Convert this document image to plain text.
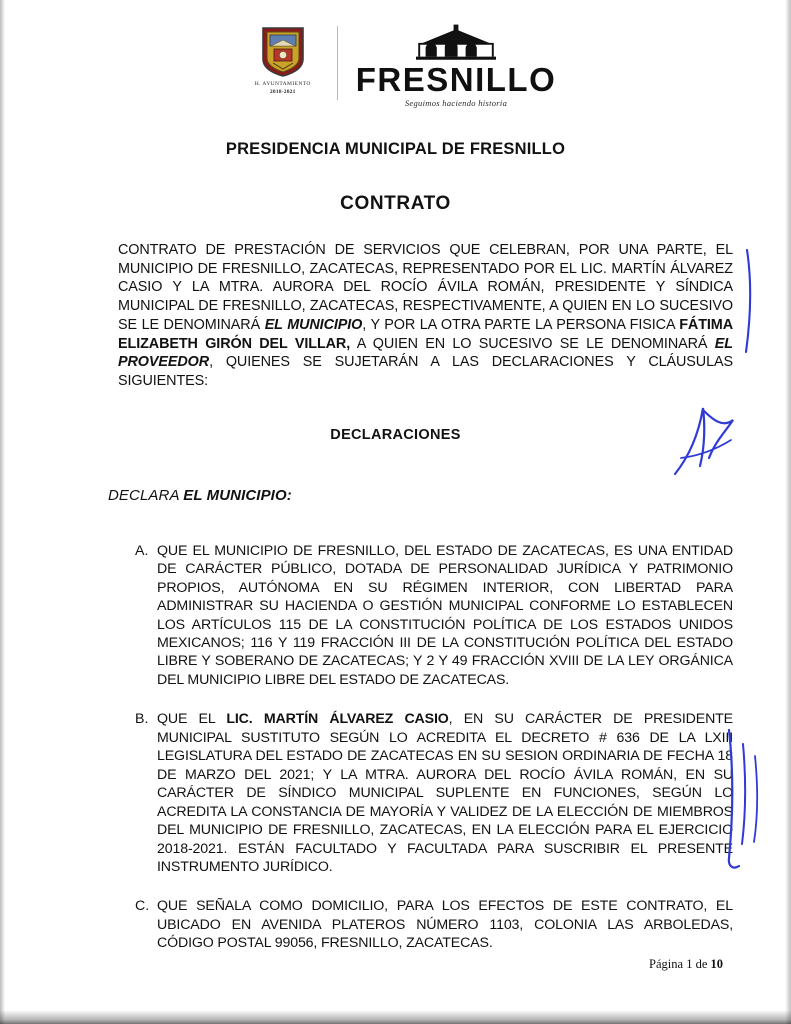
H. AYUNTAMIENTO
2018-2021	FRESNILLO
Seguimos haciendo historia
PRESIDENCIA MUNICIPAL DE FRESNILLO
CONTRATO
CONTRATO DE PRESTACIÓN DE SERVICIOS QUE CELEBRAN, POR UNA PARTE, EL MUNICIPIO DE FRESNILLO, ZACATECAS, REPRESENTADO POR EL LIC. MARTÍN ÁLVAREZ CASIO Y LA MTRA. AURORA DEL ROCÍO ÁVILA ROMÁN, PRESIDENTE Y SÍNDICA MUNICIPAL DE FRESNILLO, ZACATECAS, RESPECTIVAMENTE, A QUIEN EN LO SUCESIVO SE LE DENOMINARÁ EL MUNICIPIO, Y POR LA OTRA PARTE LA PERSONA FISICA FÁTIMA ELIZABETH GIRÓN DEL VILLAR, A QUIEN EN LO SUCESIVO SE LE DENOMINARÁ EL PROVEEDOR, QUIENES SE SUJETARÁN A LAS DECLARACIONES Y CLÁUSULAS SIGUIENTES:
DECLARACIONES
DECLARA EL MUNICIPIO:
A. QUE EL MUNICIPIO DE FRESNILLO, DEL ESTADO DE ZACATECAS, ES UNA ENTIDAD DE CARÁCTER PÚBLICO, DOTADA DE PERSONALIDAD JURÍDICA Y PATRIMONIO PROPIOS, AUTÓNOMA EN SU RÉGIMEN INTERIOR, CON LIBERTAD PARA ADMINISTRAR SU HACIENDA O GESTIÓN MUNICIPAL CONFORME LO ESTABLECEN LOS ARTÍCULOS 115 DE LA CONSTITUCIÓN POLÍTICA DE LOS ESTADOS UNIDOS MEXICANOS; 116 Y 119 FRACCIÓN III DE LA CONSTITUCIÓN POLÍTICA DEL ESTADO LIBRE Y SOBERANO DE ZACATECAS; Y 2 Y 49 FRACCIÓN XVIII DE LA LEY ORGÁNICA DEL MUNICIPIO LIBRE DEL ESTADO DE ZACATECAS.
B. QUE EL LIC. MARTÍN ÁLVAREZ CASIO, EN SU CARÁCTER DE PRESIDENTE MUNICIPAL SUSTITUTO SEGÚN LO ACREDITA EL DECRETO # 636 DE LA LXIII LEGISLATURA DEL ESTADO DE ZACATECAS EN SU SESION ORDINARIA DE FECHA 18 DE MARZO DEL 2021; Y LA MTRA. AURORA DEL ROCÍO ÁVILA ROMÁN, EN SU CARÁCTER DE SÍNDICO MUNICIPAL SUPLENTE EN FUNCIONES, SEGÚN LO ACREDITA LA CONSTANCIA DE MAYORÍA Y VALIDEZ DE LA ELECCIÓN DE MIEMBROS DEL MUNICIPIO DE FRESNILLO, ZACATECAS, EN LA ELECCIÓN PARA EL EJERCICIO 2018-2021. ESTÁN FACULTADO Y FACULTADA PARA SUSCRIBIR EL PRESENTE INSTRUMENTO JURÍDICO.
C. QUE SEÑALA COMO DOMICILIO, PARA LOS EFECTOS DE ESTE CONTRATO, EL UBICADO EN AVENIDA PLATEROS NÚMERO 1103, COLONIA LAS ARBOLEDAS, CÓDIGO POSTAL 99056, FRESNILLO, ZACATECAS.
Página 1 de 10
